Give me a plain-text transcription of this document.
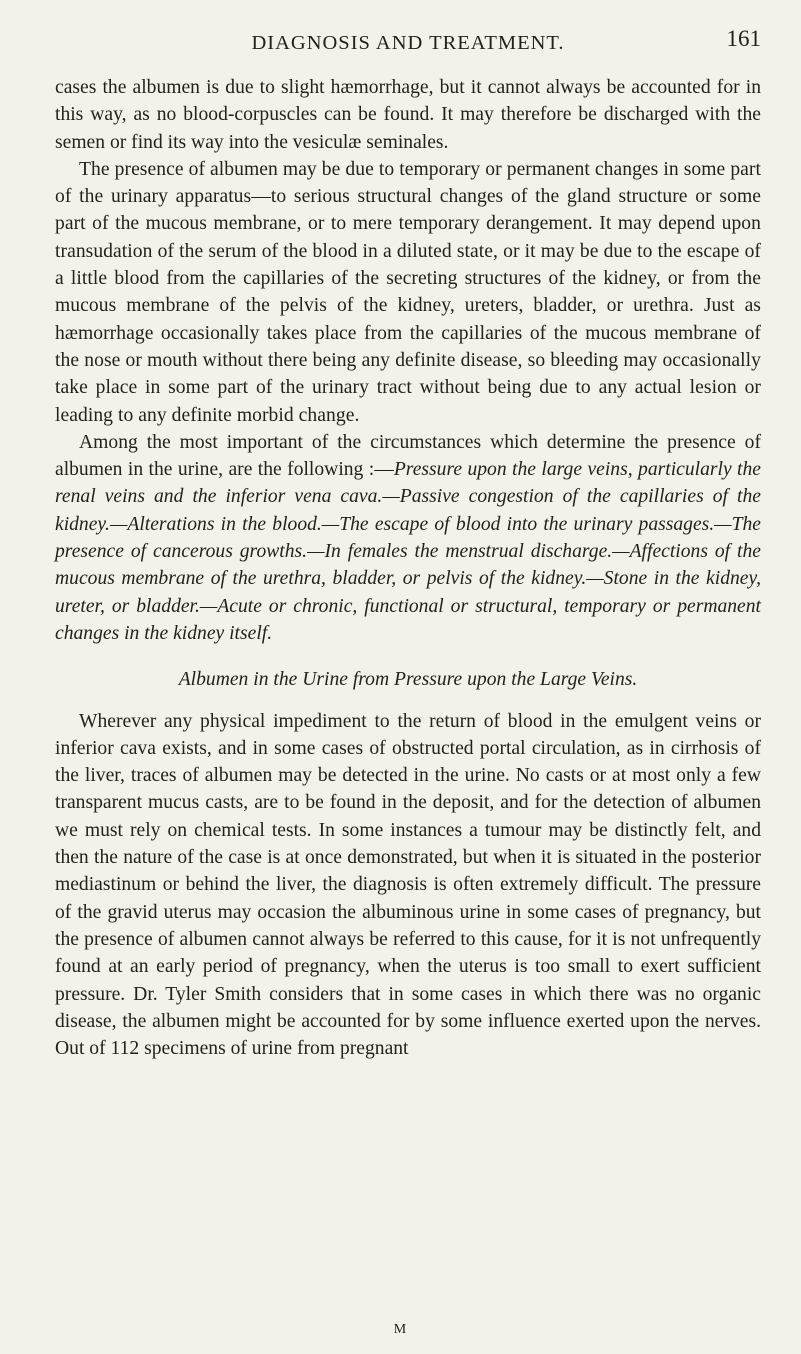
DIAGNOSIS AND TREATMENT.	161

cases the albumen is due to slight hæmorrhage, but it cannot always be accounted for in this way, as no blood-corpuscles can be found. It may therefore be discharged with the semen or find its way into the vesiculæ seminales.

The presence of albumen may be due to temporary or permanent changes in some part of the urinary apparatus—to serious structural changes of the gland structure or some part of the mucous membrane, or to mere temporary derangement. It may depend upon transudation of the serum of the blood in a diluted state, or it may be due to the escape of a little blood from the capillaries of the secreting structures of the kidney, or from the mucous membrane of the pelvis of the kidney, ureters, bladder, or urethra. Just as hæmorrhage occasionally takes place from the capillaries of the mucous membrane of the nose or mouth without there being any definite disease, so bleeding may occasionally take place in some part of the urinary tract without being due to any actual lesion or leading to any definite morbid change.

Among the most important of the circumstances which determine the presence of albumen in the urine, are the following :—Pressure upon the large veins, particularly the renal veins and the inferior vena cava.—Passive congestion of the capillaries of the kidney.—Alterations in the blood.—The escape of blood into the urinary passages.—The presence of cancerous growths.—In females the menstrual discharge.—Affections of the mucous membrane of the urethra, bladder, or pelvis of the kidney.—Stone in the kidney, ureter, or bladder.—Acute or chronic, functional or structural, temporary or permanent changes in the kidney itself.

Albumen in the Urine from Pressure upon the Large Veins.

Wherever any physical impediment to the return of blood in the emulgent veins or inferior cava exists, and in some cases of obstructed portal circulation, as in cirrhosis of the liver, traces of albumen may be detected in the urine. No casts or at most only a few transparent mucus casts, are to be found in the deposit, and for the detection of albumen we must rely on chemical tests. In some instances a tumour may be distinctly felt, and then the nature of the case is at once demonstrated, but when it is situated in the posterior mediastinum or behind the liver, the diagnosis is often extremely difficult. The pressure of the gravid uterus may occasion the albuminous urine in some cases of pregnancy, but the presence of albumen cannot always be referred to this cause, for it is not unfrequently found at an early period of pregnancy, when the uterus is too small to exert sufficient pressure. Dr. Tyler Smith considers that in some cases in which there was no organic disease, the albumen might be accounted for by some influence exerted upon the nerves. Out of 112 specimens of urine from pregnant

M
